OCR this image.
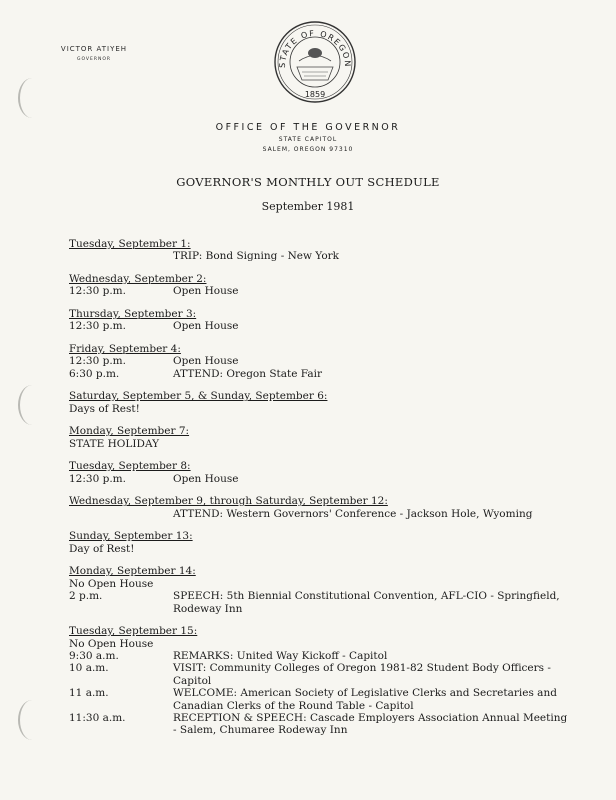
VICTOR ATIYEH
GOVERNOR
STATE OF OREGON
1859
OFFICE OF THE GOVERNOR
STATE CAPITOL
SALEM, OREGON 97310
GOVERNOR'S MONTHLY OUT SCHEDULE
September 1981
Tuesday, September 1:
TRIP: Bond Signing - New York
Wednesday, September 2:
12:30 p.m.	Open House
Thursday, September 3:
12:30 p.m.	Open House
Friday, September 4:
12:30 p.m.	Open House
6:30 p.m.	ATTEND: Oregon State Fair
Saturday, September 5, & Sunday, September 6:
Days of Rest!
Monday, September 7:
STATE HOLIDAY
Tuesday, September 8:
12:30 p.m.	Open House
Wednesday, September 9, through Saturday, September 12:
ATTEND: Western Governors' Conference - Jackson Hole, Wyoming
Sunday, September 13:
Day of Rest!
Monday, September 14:
No Open House
2 p.m.	SPEECH: 5th Biennial Constitutional Convention, AFL-CIO - Springfield, Rodeway Inn
Tuesday, September 15:
No Open House
9:30 a.m.	REMARKS: United Way Kickoff - Capitol
10 a.m.	VISIT: Community Colleges of Oregon 1981-82 Student Body Officers - Capitol
11 a.m.	WELCOME: American Society of Legislative Clerks and Secretaries and Canadian Clerks of the Round Table - Capitol
11:30 a.m.	RECEPTION & SPEECH: Cascade Employers Association Annual Meeting - Salem, Chumaree Rodeway Inn
